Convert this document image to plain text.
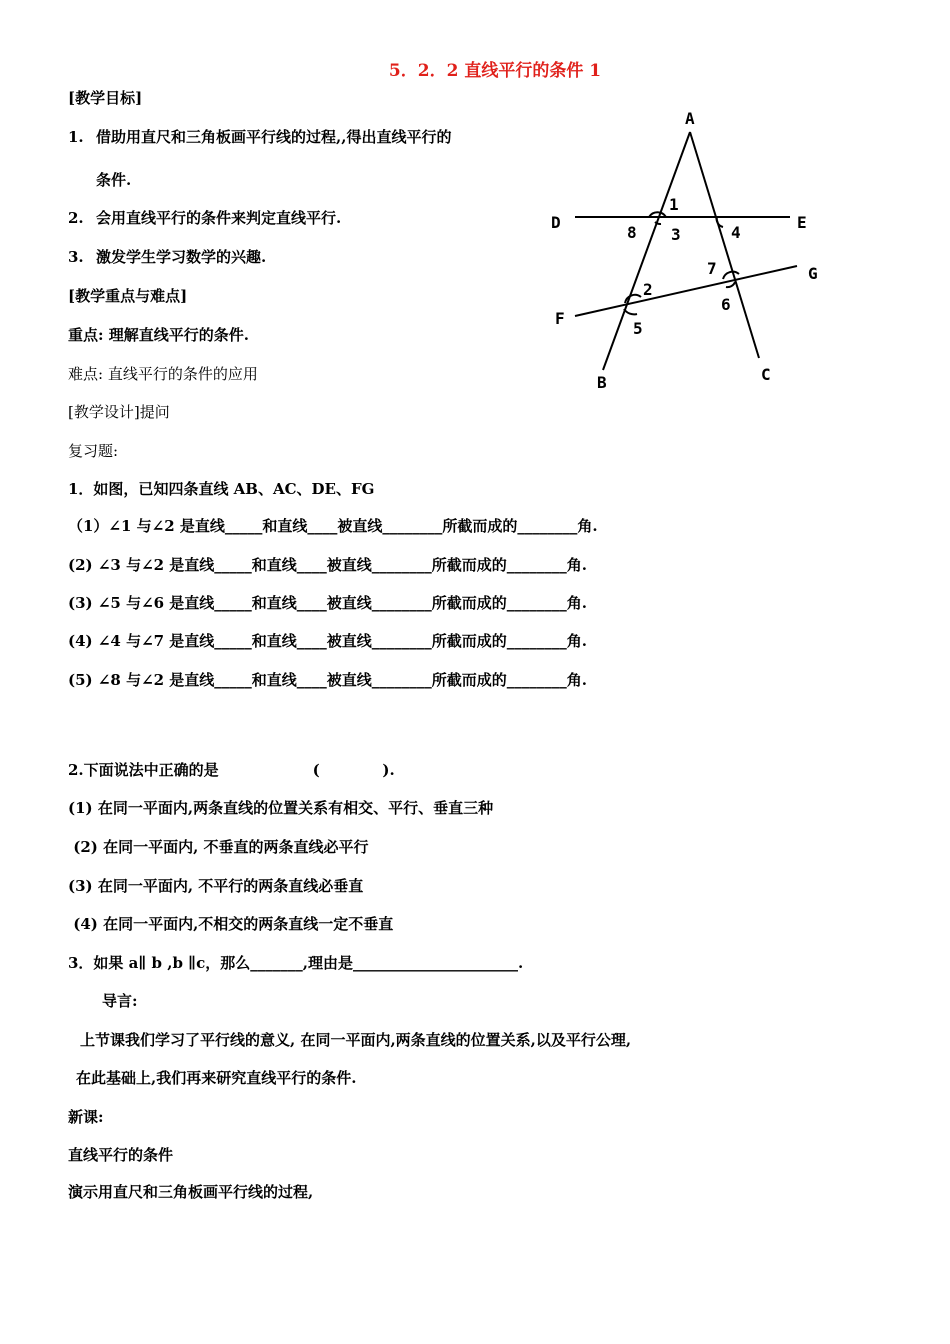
5．2．2 直线平行的条件 1
[教学目标]
1. 借助用直尺和三角板画平行线的过程,,得出直线平行的
条件.
2. 会用直线平行的条件来判定直线平行.
3. 激发学生学习数学的兴趣.
[教学重点与难点]
重点: 理解直线平行的条件.
难点: 直线平行的条件的应用
[教学设计]提问
复习题:
1．如图，已知四条直线 AB、AC、DE、FG
（1）∠1 与∠2 是直线_____和直线____被直线________所截而成的________角.
(2) ∠3 与∠2 是直线_____和直线____被直线________所截而成的________角.
(3) ∠5 与∠6 是直线_____和直线____被直线________所截而成的________角.
(4) ∠4 与∠7 是直线_____和直线____被直线________所截而成的________角.
(5) ∠8 与∠2 是直线_____和直线____被直线________所截而成的________角.
2.下面说法中正确的是                  (            ).
(1) 在同一平面内,两条直线的位置关系有相交、平行、垂直三种
(2) 在同一平面内, 不垂直的两条直线必平行
(3) 在同一平面内, 不平行的两条直线必垂直
(4) 在同一平面内,不相交的两条直线一定不垂直
3．如果 a∥ b ,b ∥c，那么_______,理由是______________________.
导言:
上节课我们学习了平行线的意义, 在同一平面内,两条直线的位置关系,以及平行公理,
在此基础上,我们再来研究直线平行的条件.
新课:
直线平行的条件
演示用直尺和三角板画平行线的过程,
A
B	C
D	E
F
G
1
8 3	4
7
6
2
5
